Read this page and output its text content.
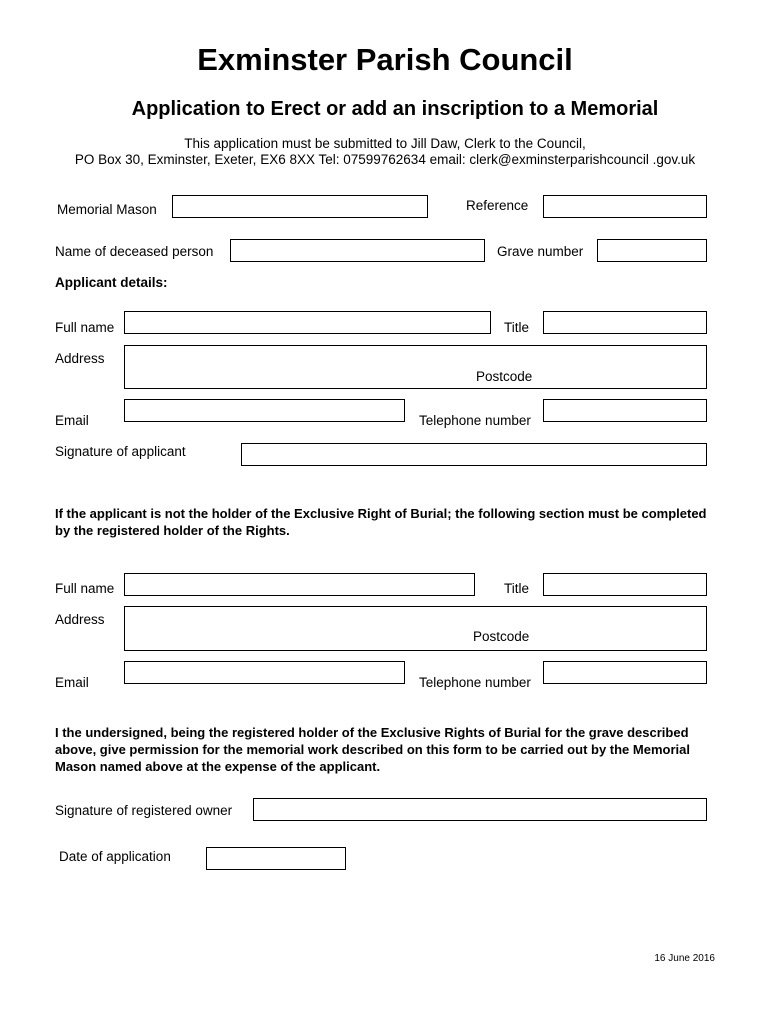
Exminster Parish Council
Application to Erect or add an inscription to a Memorial
This application must be submitted to Jill Daw, Clerk to the Council,
PO Box 30, Exminster, Exeter, EX6 8XX Tel: 07599762634 email: clerk@exminsterparishcouncil .gov.uk
Memorial Mason	Reference
Name of deceased person	Grave number
Applicant details:
Full name	Title
Address
Postcode
Email	Telephone number
Signature of applicant
If the applicant is not the holder of the Exclusive Right of Burial; the following section must be completed by the registered holder of the Rights.
Full name	Title
Address
Postcode
Email	Telephone number
I the undersigned, being the registered holder of the Exclusive Rights of Burial for the grave described above, give permission for the memorial work described on this form to be carried out by the Memorial Mason named above at the expense of the applicant.
Signature of registered owner
Date of application
16 June 2016
